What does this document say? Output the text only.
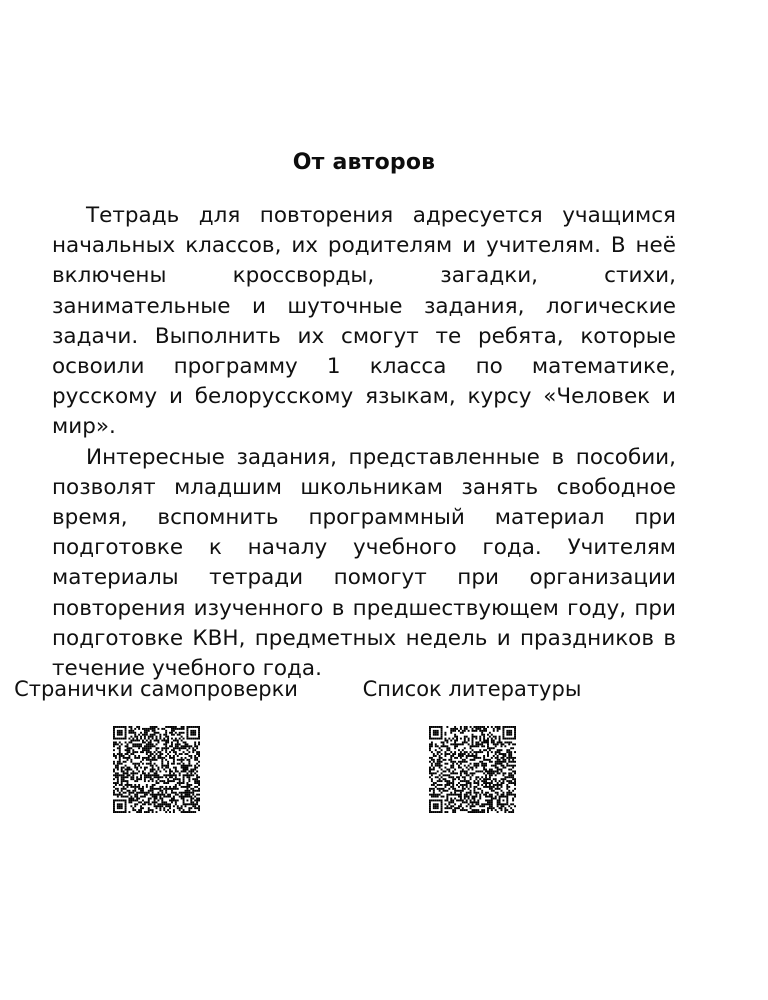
От авторов

Тетрадь для повторения адресуется учащимся начальных классов, их родителям и учителям. В неё включены кроссворды, загадки, стихи, занимательные и шуточные задания, логические задачи. Выполнить их смогут те ребята, которые освоили программу 1 класса по математике, русскому и белорусскому языкам, курсу «Человек и мир».

Интересные задания, представленные в пособии, позволят младшим школьникам занять свободное время, вспомнить программный материал при подготовке к началу учебного года. Учителям материалы тетради помогут при организации повторения изученного в предшествующем году, при подготовке КВН, предметных недель и праздников в течение учебного года.

Странички самопроверки	Список литературы
